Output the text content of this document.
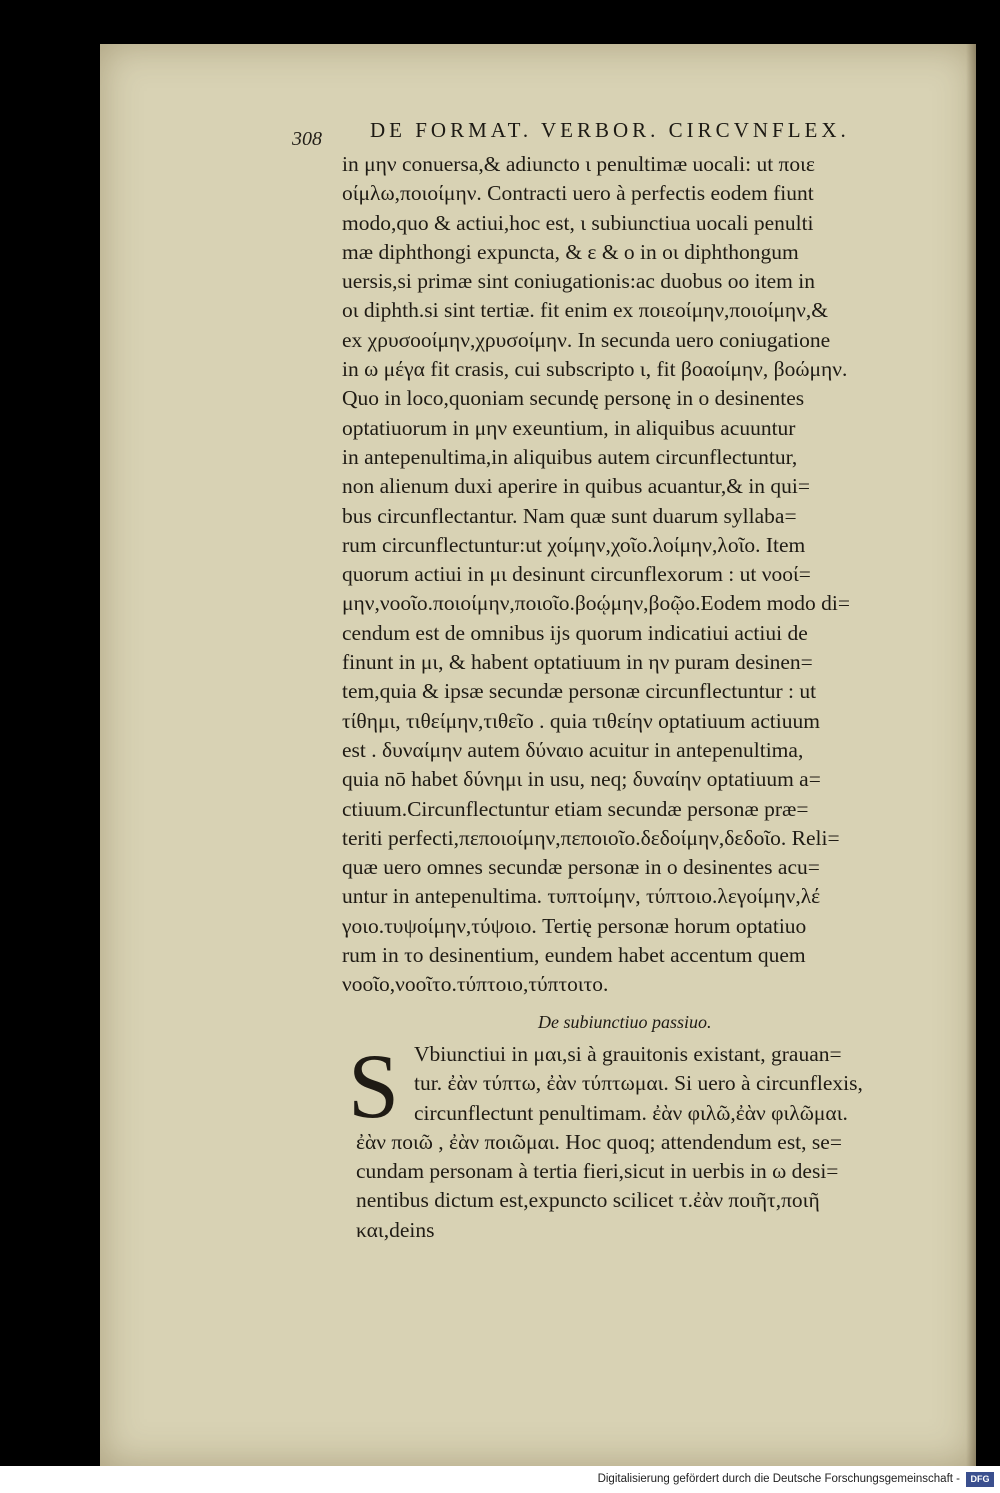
308 DE FORMAT. VERBOR. CIRCVNFLEX.
in μην conuersa,& adiuncto ι penultimæ uocali: ut ποιε
οίμλω,ποιοίμην. Contracti uero à perfectis eodem fiunt
modo,quo & actiui,hoc est, ι subiunctiua uocali penulti
mæ diphthongi expuncta, & ε & ο in οι diphthongum
uersis,si primæ sint coniugationis:ac duobus οο item in
οι diphth.si sint tertiæ. fit enim ex ποιεοίμην,ποιοίμην,&
ex χρυσοοίμην,χρυσοίμην. In secunda uero coniugatione
in ω μέγα fit crasis, cui subscripto ι, fit βοαοίμην, βοώμην.
Quo in loco,quoniam secundę personę in ο desinentes
optatiuorum in μην exeuntium, in aliquibus acuuntur
in antepenultima,in aliquibus autem circunflectuntur,
non alienum duxi aperire in quibus acuantur,& in qui=
bus circunflectantur. Nam quæ sunt duarum syllaba=
rum circunflectuntur:ut χοίμην,χοῖο.λοίμην,λοῖο. Item
quorum actiui in μι desinunt circunflexorum : ut νοοί=
μην,νοοῖο.ποιοίμην,ποιοῖο.βοῴμην,βοῷο.Eodem modo di=
cendum est de omnibus ijs quorum indicatiui actiui de
finunt in μι, & habent optatiuum in ην puram desinen=
tem,quia & ipsæ secundæ personæ circunflectuntur : ut
τίθημι, τιθείμην,τιθεῖο . quia τιθείην optatiuum actiuum
est . δυναίμην autem δύναιο acuitur in antepenultima,
quia nō habet δύνημι in usu, neq; δυναίην optatiuum a=
ctiuum.Circunflectuntur etiam secundæ personæ præ=
teriti perfecti,πεποιοίμην,πεποιοῖο.δεδοίμην,δεδοῖο. Reli=
quæ uero omnes secundæ personæ in ο desinentes acu=
untur in antepenultima. τυπτοίμην, τύπτοιο.λεγοίμην,λέ
γοιο.τυψοίμην,τύψοιο. Tertię personæ horum optatiuo
rum in το desinentium, eundem habet accentum quem
νοοῖο,νοοῖτο.τύπτοιο,τύπτοιτο.
De subiunctiuo passiuo.
S Vbiunctiui in μαι,si à grauitonis existant, grauan=
tur. ἐὰν τύπτω, ἐὰν τύπτωμαι. Si uero à circunflexis,
circunflectunt penultimam. ἐὰν φιλῶ,ἐὰν φιλῶμαι.
ἐὰν ποιῶ , ἐὰν ποιῶμαι. Hoc quoq; attendendum est, se=
cundam personam à tertia fieri,sicut in uerbis in ω desi=
nentibus dictum est,expuncto scilicet τ.ἐὰν ποιῆτ,ποιῆ
και,deins
Digitalisierung gefördert durch die Deutsche Forschungsgemeinschaft -	DFG
